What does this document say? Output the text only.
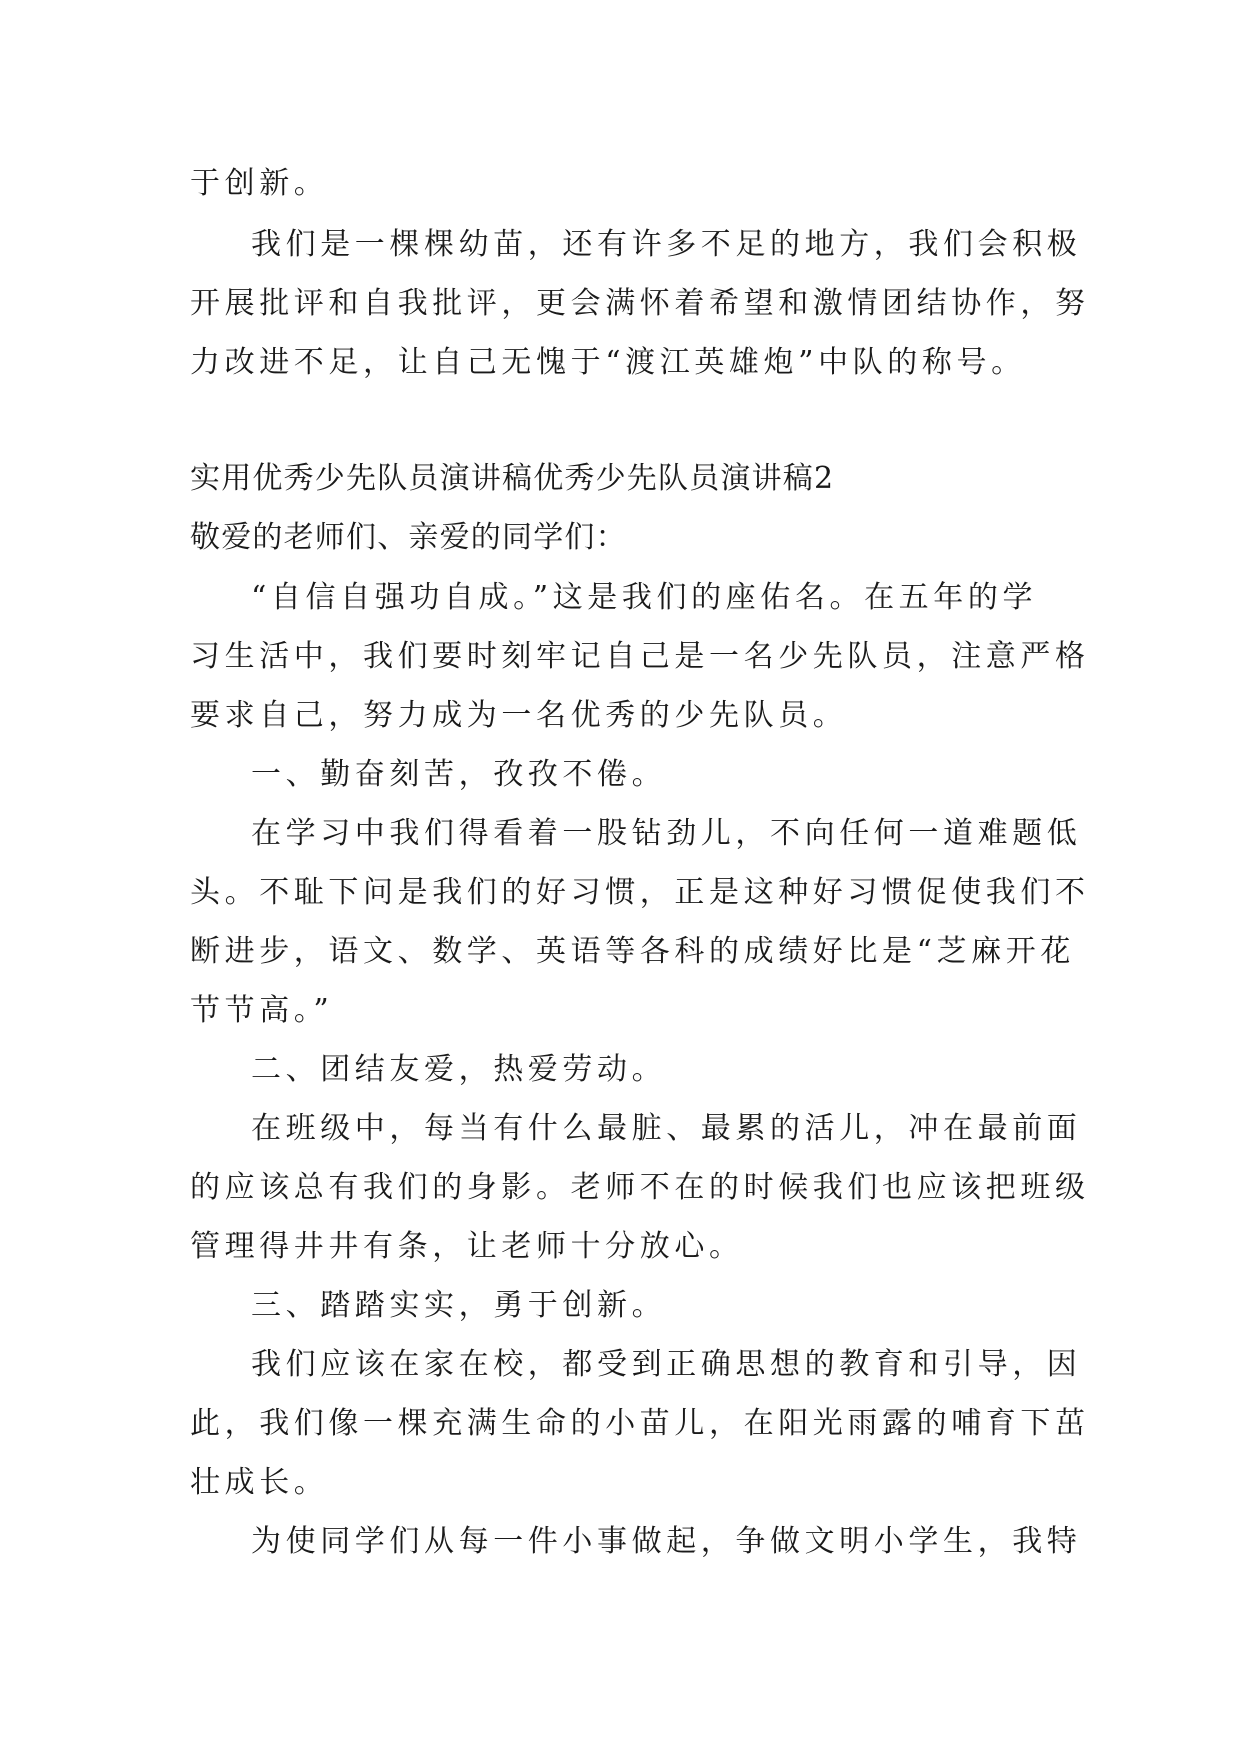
于创新。
我们是一棵棵幼苗，还有许多不足的地方，我们会积极
开展批评和自我批评，更会满怀着希望和激情团结协作，努
力改进不足，让自己无愧于“渡江英雄炮”中队的称号。
实用优秀少先队员演讲稿优秀少先队员演讲稿2
敬爱的老师们、亲爱的同学们：
“自信自强功自成。”这是我们的座佑名。在五年的学
习生活中，我们要时刻牢记自己是一名少先队员，注意严格
要求自己，努力成为一名优秀的少先队员。
一、勤奋刻苦，孜孜不倦。
在学习中我们得看着一股钻劲儿，不向任何一道难题低
头。不耻下问是我们的好习惯，正是这种好习惯促使我们不
断进步，语文、数学、英语等各科的成绩好比是“芝麻开花
节节高。”
二、团结友爱，热爱劳动。
在班级中，每当有什么最脏、最累的活儿，冲在最前面
的应该总有我们的身影。老师不在的时候我们也应该把班级
管理得井井有条，让老师十分放心。
三、踏踏实实，勇于创新。
我们应该在家在校，都受到正确思想的教育和引导，因
此，我们像一棵充满生命的小苗儿，在阳光雨露的哺育下茁
壮成长。
为使同学们从每一件小事做起，争做文明小学生，我特
